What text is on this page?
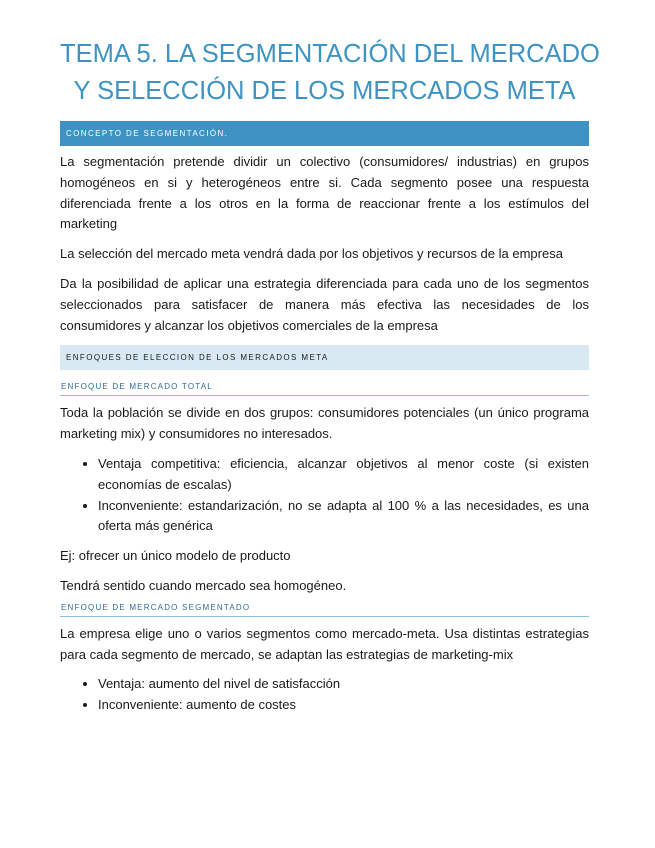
TEMA 5. LA SEGMENTACIÓN DEL MERCADO
Y SELECCIÓN DE LOS MERCADOS META
CONCEPTO DE SEGMENTACIÓN.

La segmentación pretende dividir un colectivo (consumidores/ industrias) en grupos homogéneos en si y heterogéneos entre si. Cada segmento posee una respuesta diferenciada frente a los otros en la forma de reaccionar frente a los estímulos del marketing

La selección del mercado meta vendrá dada por los objetivos y recursos de la empresa

Da la posibilidad de aplicar una estrategia diferenciada para cada uno de los segmentos seleccionados para satisfacer de manera más efectiva las necesidades de los consumidores y alcanzar los objetivos comerciales de la empresa

ENFOQUES DE ELECCION DE LOS MERCADOS META
ENFOQUE DE MERCADO TOTAL

Toda la población se divide en dos grupos: consumidores potenciales (un único programa marketing mix) y consumidores no interesados.

• Ventaja competitiva: eficiencia, alcanzar objetivos al menor coste (si existen economías de escalas)
• Inconveniente: estandarización, no se adapta al 100 % a las necesidades, es una oferta más genérica

Ej: ofrecer un único modelo de producto

Tendrá sentido cuando mercado sea homogéneo.

ENFOQUE DE MERCADO SEGMENTADO

La empresa elige uno o varios segmentos como mercado-meta. Usa distintas estrategias para cada segmento de mercado, se adaptan las estrategias de marketing-mix

• Ventaja: aumento del nivel de satisfacción
• Inconveniente: aumento de costes
